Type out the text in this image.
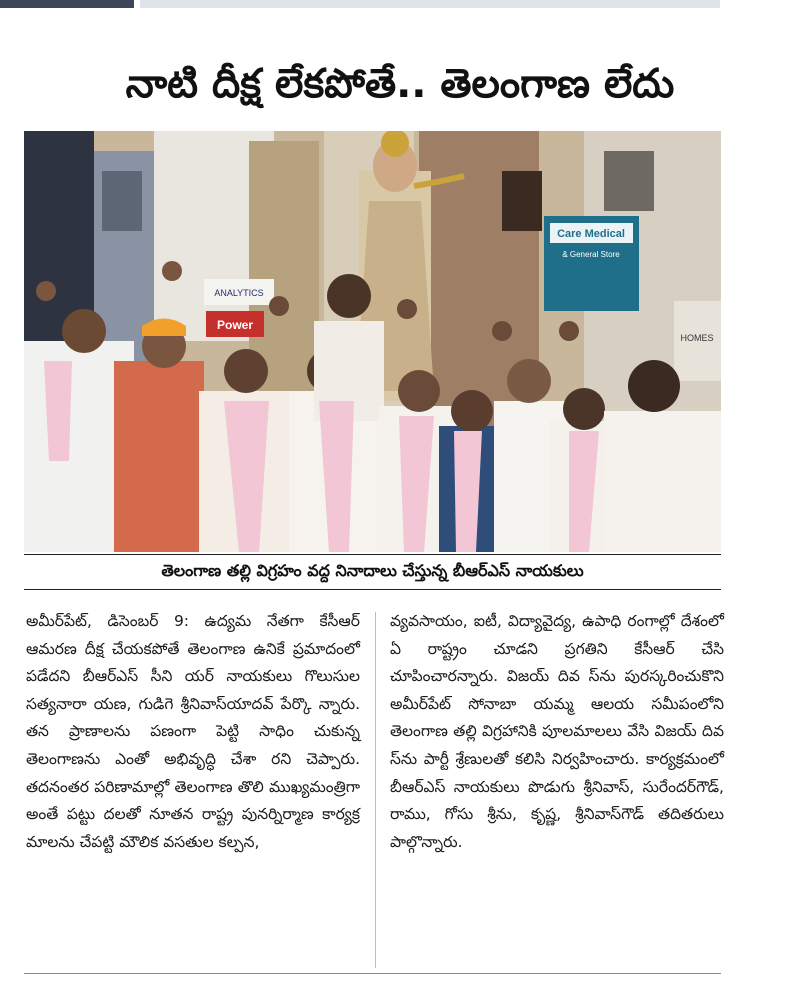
నాటి దీక్ష లేకపోతే.. తెలంగాణ లేదు
Care Medical
& General Store
ANALYTICS
Power
HOMES
తెలంగాణ తల్లి విగ్రహం వద్ద నినాదాలు చేస్తున్న బీఆర్ఎస్ నాయకులు

అమీర్‌పేట్, డిసెంబర్ 9: ఉద్యమ నేతగా కేసీఆర్ ఆమరణ దీక్ష చేయకపోతే తెలంగాణ ఉనికే ప్రమాదంలో పడేదని బీఆర్ఎస్ సీని యర్ నాయకులు గొలుసుల సత్యనారా యణ, గుడిగె శ్రీనివాస్‌యాదవ్ పేర్కొ న్నారు. తన ప్రాణాలను పణంగా పెట్టి సాధిం చుకున్న తెలంగాణను ఎంతో అభివృద్ధి చేశా రని చెప్పారు. తదనంతర పరిణామాల్లో తెలంగాణ తొలి ముఖ్యమంత్రిగా అంతే పట్టు దలతో నూతన రాష్ట్ర పునర్నిర్మాణ కార్యక్ర మాలను చేపట్టి మౌలిక వసతుల కల్పన,

వ్యవసాయం, ఐటీ, విద్యావైద్య, ఉపాధి రంగాల్లో దేశంలో ఏ రాష్ట్రం చూడని ప్రగతిని కేసీఆర్ చేసి చూపించారన్నారు. విజయ్ దివ స్‌ను పురస్కరించుకొని అమీర్‌పేట్ సోనాబా యమ్మ ఆలయ సమీపంలోని తెలంగాణ తల్లి విగ్రహానికి పూలమాలలు వేసి విజయ్ దివ స్‌ను పార్టీ శ్రేణులతో కలిసి నిర్వహించారు. కార్యక్రమంలో బీఆర్ఎస్ నాయకులు పొడుగు శ్రీనివాస్, సురేందర్‌గౌడ్, రాము, గోసు శ్రీను, కృష్ణ, శ్రీనివాస్‌గౌడ్ తదితరులు పాల్గొన్నారు.
